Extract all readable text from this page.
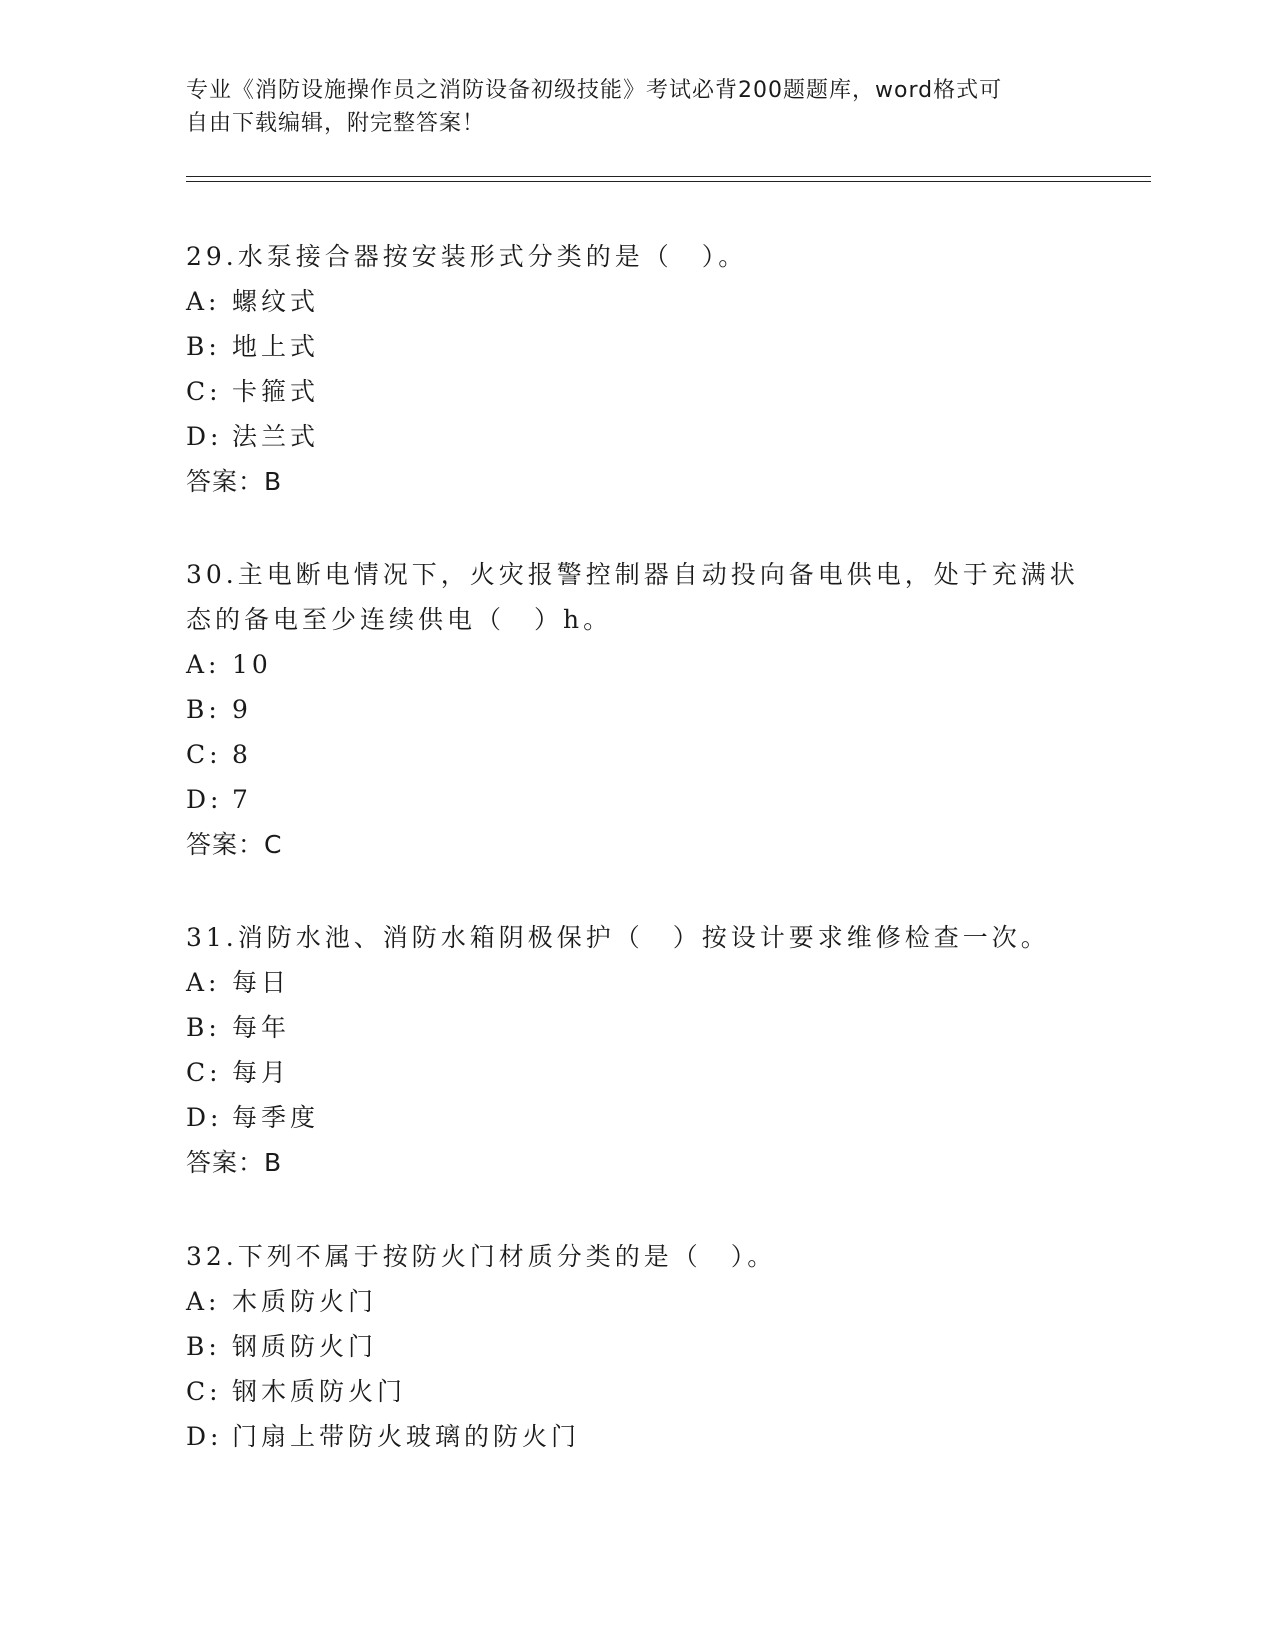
专业《消防设施操作员之消防设备初级技能》考试必背200题题库，word格式可
自由下载编辑，附完整答案！
29.水泵接合器按安装形式分类的是（　）。
A: 螺纹式
B: 地上式
C: 卡箍式
D: 法兰式
答案：B
30.主电断电情况下，火灾报警控制器自动投向备电供电，处于充满状
态的备电至少连续供电（　）h。
A: 10
B: 9
C: 8
D: 7
答案：C
31.消防水池、消防水箱阴极保护（　）按设计要求维修检查一次。
A: 每日
B: 每年
C: 每月
D: 每季度
答案：B
32.下列不属于按防火门材质分类的是（　）。
A: 木质防火门
B: 钢质防火门
C: 钢木质防火门
D: 门扇上带防火玻璃的防火门
